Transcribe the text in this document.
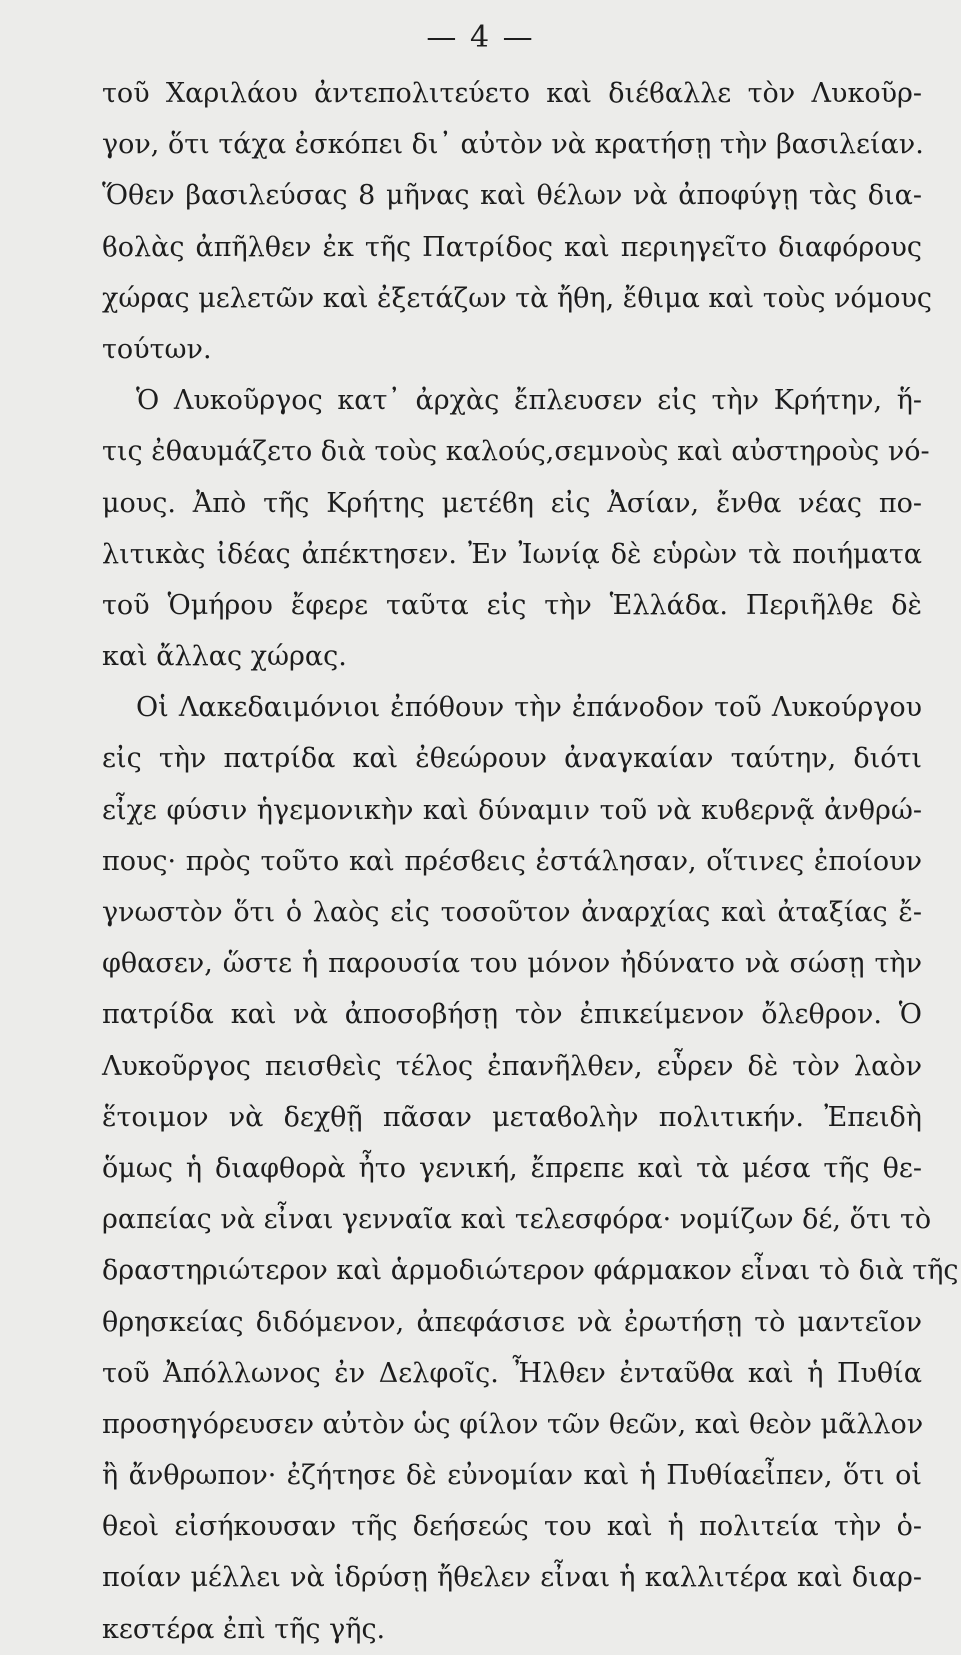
— 4 —
τοῦ Χαριλάου ἀντεπολιτεύετο καὶ διέϐαλλε τὸν Λυκοῦρ-
γον, ὅτι τάχα ἐσκόπει δι᾽ αὐτὸν νὰ κρατήσῃ τὴν βασιλείαν.
Ὅθεν βασιλεύσας 8 μῆνας καὶ θέλων νὰ ἀποφύγῃ τὰς δια-
ϐολὰς ἀπῆλθεν ἐκ τῆς Πατρίδος καὶ περιηγεῖτο διαφόρους
χώρας μελετῶν καὶ ἐξετάζων τὰ ἤθη, ἔθιμα καὶ τοὺς νόμους
τούτων.
Ὁ Λυκοῦργος κατ᾽ ἀρχὰς ἔπλευσεν εἰς τὴν Κρήτην, ἥ-
τις ἐθαυμάζετο διὰ τοὺς καλούς,σεμνοὺς καὶ αὐστηροὺς νό-
μους. Ἀπὸ τῆς Κρήτης μετέϐη εἰς Ἀσίαν, ἔνθα νέας πο-
λιτικὰς ἰδέας ἀπέκτησεν. Ἐν Ἰωνίᾳ δὲ εὑρὼν τὰ ποιήματα
τοῦ Ὁμήρου ἔφερε ταῦτα εἰς τὴν Ἑλλάδα. Περιῆλθε δὲ
καὶ ἄλλας χώρας.
Οἱ Λακεδαιμόνιοι ἐπόθουν τὴν ἐπάνοδον τοῦ Λυκούργου
εἰς τὴν πατρίδα καὶ ἐθεώρουν ἀναγκαίαν ταύτην, διότι
εἶχε φύσιν ἡγεμονικὴν καὶ δύναμιν τοῦ νὰ κυϐερνᾷ ἀνθρώ-
πους· πρὸς τοῦτο καὶ πρέσϐεις ἐστάλησαν, οἵτινες ἐποίουν
γνωστὸν ὅτι ὁ λαὸς εἰς τοσοῦτον ἀναρχίας καὶ ἀταξίας ἔ-
φθασεν, ὥστε ἡ παρουσία του μόνον ἠδύνατο νὰ σώσῃ τὴν
πατρίδα καὶ νὰ ἀποσοβήσῃ τὸν ἐπικείμενον ὄλεθρον. Ὁ
Λυκοῦργος πεισθεὶς τέλος ἐπανῆλθεν, εὗρεν δὲ τὸν λαὸν
ἕτοιμον νὰ δεχθῇ πᾶσαν μεταϐολὴν πολιτικήν. Ἐπειδὴ
ὅμως ἡ διαφθορὰ ἦτο γενική, ἔπρεπε καὶ τὰ μέσα τῆς θε-
ραπείας νὰ εἶναι γενναῖα καὶ τελεσφόρα· νομίζων δέ, ὅτι τὸ
δραστηριώτερον καὶ ἁρμοδιώτερον φάρμακον εἶναι τὸ διὰ τῆς
θρησκείας διδόμενον, ἀπεφάσισε νὰ ἐρωτήσῃ τὸ μαντεῖον
τοῦ Ἀπόλλωνος ἐν Δελφοῖς. Ἦλθεν ἐνταῦθα καὶ ἡ Πυθία
προσηγόρευσεν αὐτὸν ὡς φίλον τῶν θεῶν, καὶ θεὸν μᾶλλον
ἢ ἄνθρωπον· ἐζήτησε δὲ εὐνομίαν καὶ ἡ Πυθίαεἶπεν, ὅτι οἱ
θεοὶ εἰσήκουσαν τῆς δεήσεώς του καὶ ἡ πολιτεία τὴν ὁ-
ποίαν μέλλει νὰ ἱδρύσῃ ἤθελεν εἶναι ἡ καλλιτέρα καὶ διαρ-
κεστέρα ἐπὶ τῆς γῆς.
